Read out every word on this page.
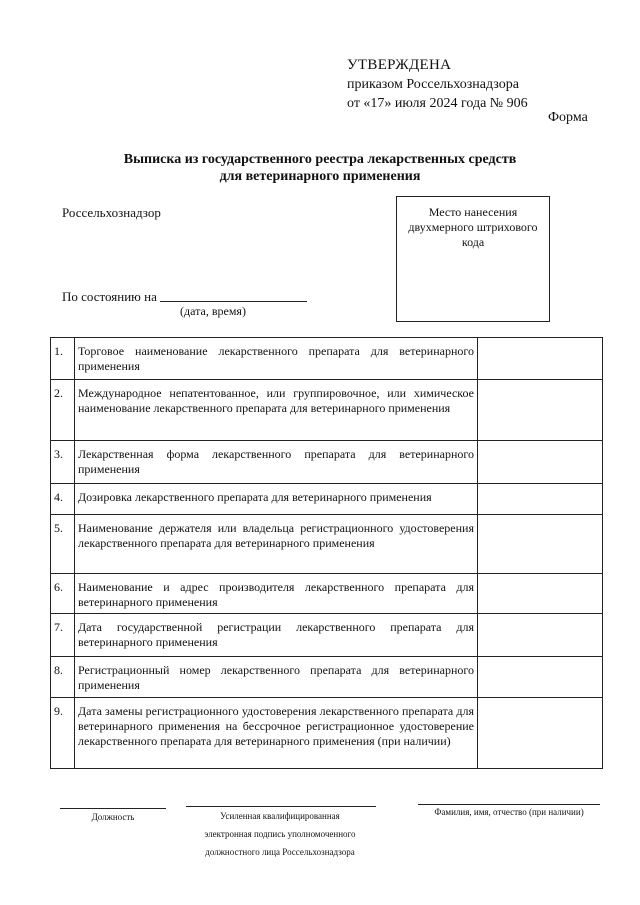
УТВЕРЖДЕНА
приказом Россельхознадзора
от «17» июля 2024 года № 906
Форма
Выписка из государственного реестра лекарственных средств
для ветеринарного применения
Россельхознадзор	Место нанесения
двухмерного штрихового
кода
По состоянию на
(дата, время)
1.	Торговое наименование лекарственного препарата для ветеринарного применения	
2.	Международное непатентованное, или группировочное, или химическое наименование лекарственного препарата для ветеринарного применения	
3.	Лекарственная форма лекарственного препарата для ветеринарного применения	
4.	Дозировка лекарственного препарата для ветеринарного применения	
5.	Наименование держателя или владельца регистрационного удостоверения лекарственного препарата для ветеринарного применения	
6.	Наименование и адрес производителя лекарственного препарата для ветеринарного применения	
7.	Дата государственной регистрации лекарственного препарата для ветеринарного применения	
8.	Регистрационный номер лекарственного препарата для ветеринарного применения	
9.	Дата замены регистрационного удостоверения лекарственного препарата для ветеринарного применения на бессрочное регистрационное удостоверение лекарственного препарата для ветеринарного применения (при наличии)	
Должность	Усиленная квалифицированная
электронная подпись уполномоченного
должностного лица Россельхознадзора
Фамилия, имя, отчество (при наличии)
